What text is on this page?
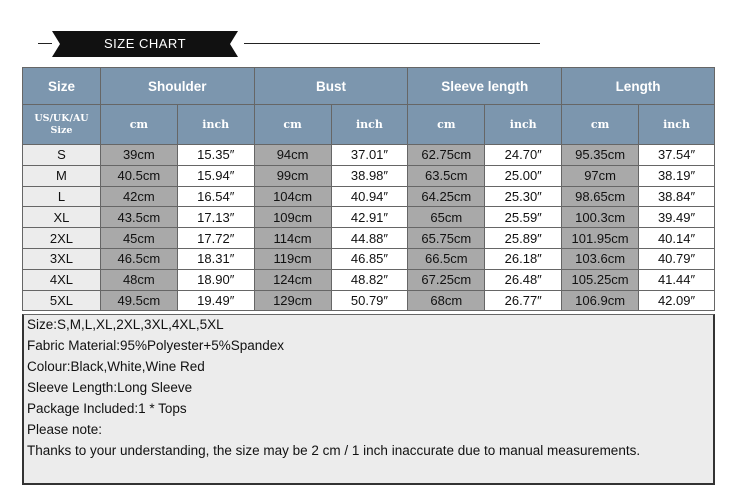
SIZE CHART
Size	Shoulder		Bust		Sleeve length		Length	
US/UK/AU
Size	cm	inch	cm	inch	cm	inch	cm	inch
S	39cm	15.35″	94cm	37.01″	62.75cm	24.70″	95.35cm	37.54″
M	40.5cm	15.94″	99cm	38.98″	63.5cm	25.00″	97cm	38.19″
L	42cm	16.54″	104cm	40.94″	64.25cm	25.30″	98.65cm	38.84″
XL	43.5cm	17.13″	109cm	42.91″	65cm	25.59″	100.3cm	39.49″
2XL	45cm	17.72″	114cm	44.88″	65.75cm	25.89″	101.95cm	40.14″
3XL	46.5cm	18.31″	119cm	46.85″	66.5cm	26.18″	103.6cm	40.79″
4XL	48cm	18.90″	124cm	48.82″	67.25cm	26.48″	105.25cm	41.44″
5XL	49.5cm	19.49″	129cm	50.79″	68cm	26.77″	106.9cm	42.09″
Size:S,M,L,XL,2XL,3XL,4XL,5XL
Fabric Material:95%Polyester+5%Spandex
Colour:Black,White,Wine Red
Sleeve Length:Long Sleeve
Package Included:1 * Tops
Please note:
Thanks to your understanding, the size may be 2 cm / 1 inch inaccurate due to manual measurements.
